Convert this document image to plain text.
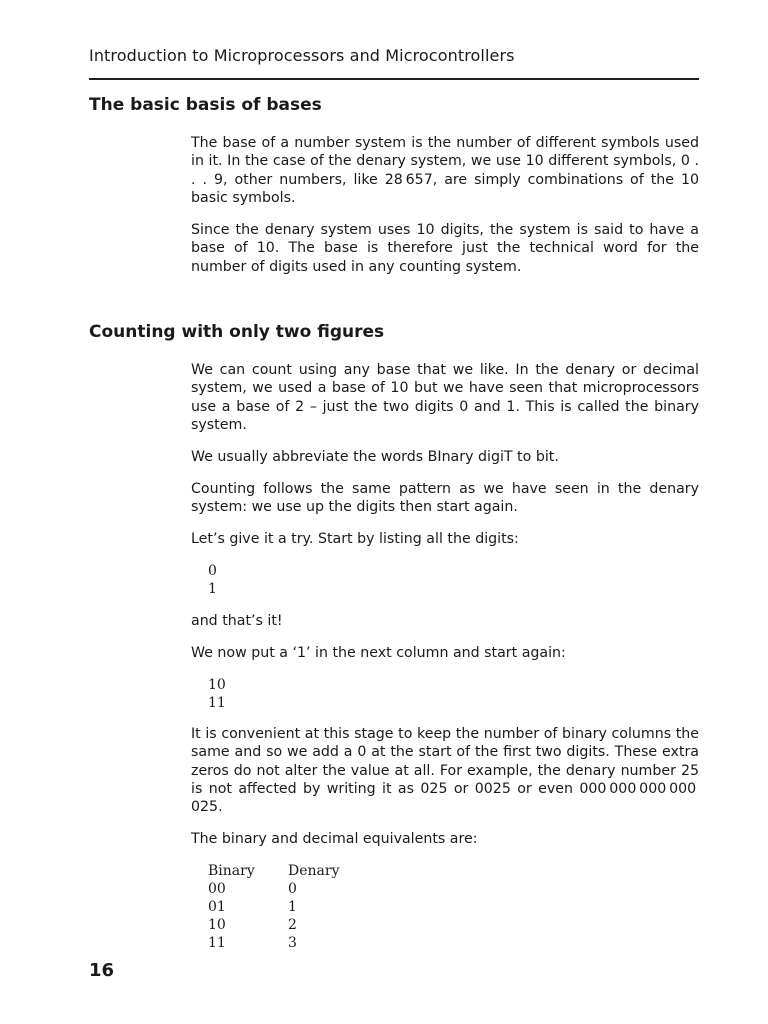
Introduction to Microprocessors and Microcontrollers
The basic basis of bases

The base of a number system is the number of different symbols used in it. In the case of the denary system, we use 10 different symbols, 0 . . . 9, other numbers, like 28 657, are simply combinations of the 10 basic symbols.

Since the denary system uses 10 digits, the system is said to have a base of 10. The base is therefore just the technical word for the number of digits used in any counting system.

Counting with only two figures

We can count using any base that we like. In the denary or decimal system, we used a base of 10 but we have seen that microprocessors use a base of 2 – just the two digits 0 and 1. This is called the binary system.

We usually abbreviate the words BInary digiT to bit.

Counting follows the same pattern as we have seen in the denary system: we use up the digits then start again.

Let’s give it a try. Start by listing all the digits:

0
1

and that’s it!

We now put a ‘1’ in the next column and start again:

10
11

It is convenient at this stage to keep the number of binary columns the same and so we add a 0 at the start of the first two digits. These extra zeros do not alter the value at all. For example, the denary number 25 is not affected by writing it as 025 or 0025 or even 000 000 000 000 025.

The binary and decimal equivalents are:

Binary	Denary
00	0
01	1
10	2
11	3
16
